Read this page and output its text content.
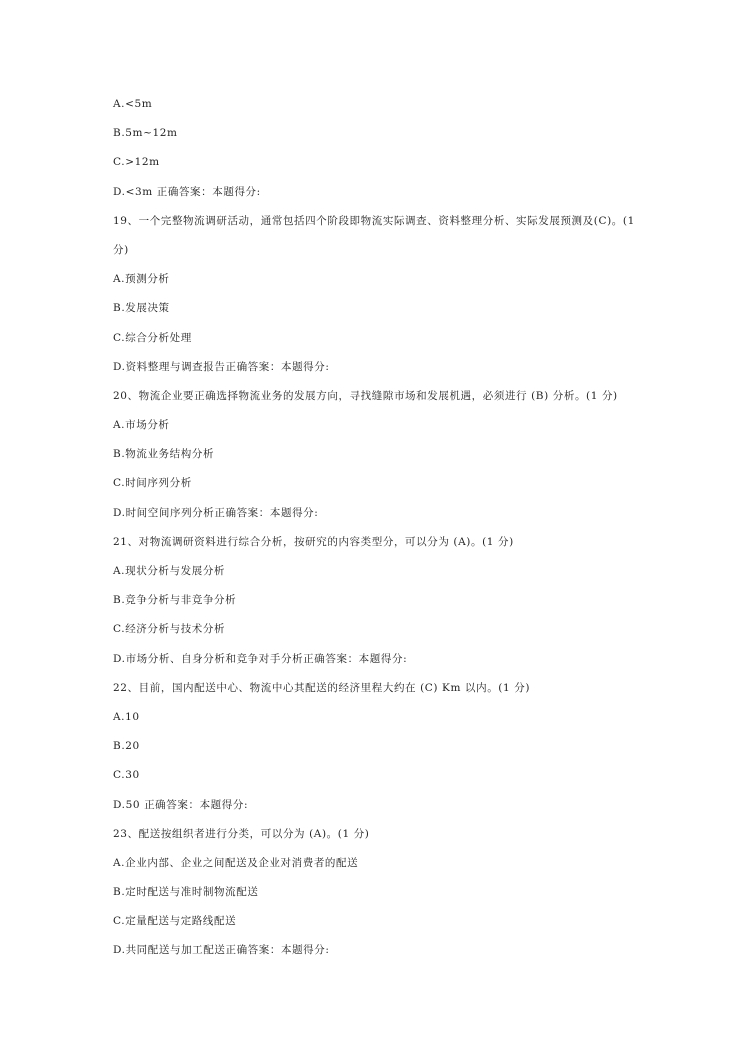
A.<5m
B.5m~12m
C.>12m
D.<3m 正确答案：本题得分:
19、一个完整物流调研活动，通常包括四个阶段即物流实际调查、资料整理分析、实际发展预测及(C)。(1
分)
A.预测分析
B.发展决策
C.综合分析处理
D.资料整理与调查报告正确答案：本题得分:
20、物流企业要正确选择物流业务的发展方向，寻找缝隙市场和发展机遇，必须进行 (B) 分析。(1 分)
A.市场分析
B.物流业务结构分析
C.时间序列分析
D.时间空间序列分析正确答案：本题得分:
21、对物流调研资料进行综合分析，按研究的内容类型分，可以分为 (A)。(1 分)
A.现状分析与发展分析
B.竞争分析与非竞争分析
C.经济分析与技术分析
D.市场分析、自身分析和竞争对手分析正确答案：本题得分:
22、目前，国内配送中心、物流中心其配送的经济里程大约在 (C) Km 以内。(1 分)
A.10
B.20
C.30
D.50 正确答案：本题得分:
23、配送按组织者进行分类，可以分为 (A)。(1 分)
A.企业内部、企业之间配送及企业对消费者的配送
B.定时配送与准时制物流配送
C.定量配送与定路线配送
D.共同配送与加工配送正确答案：本题得分:
